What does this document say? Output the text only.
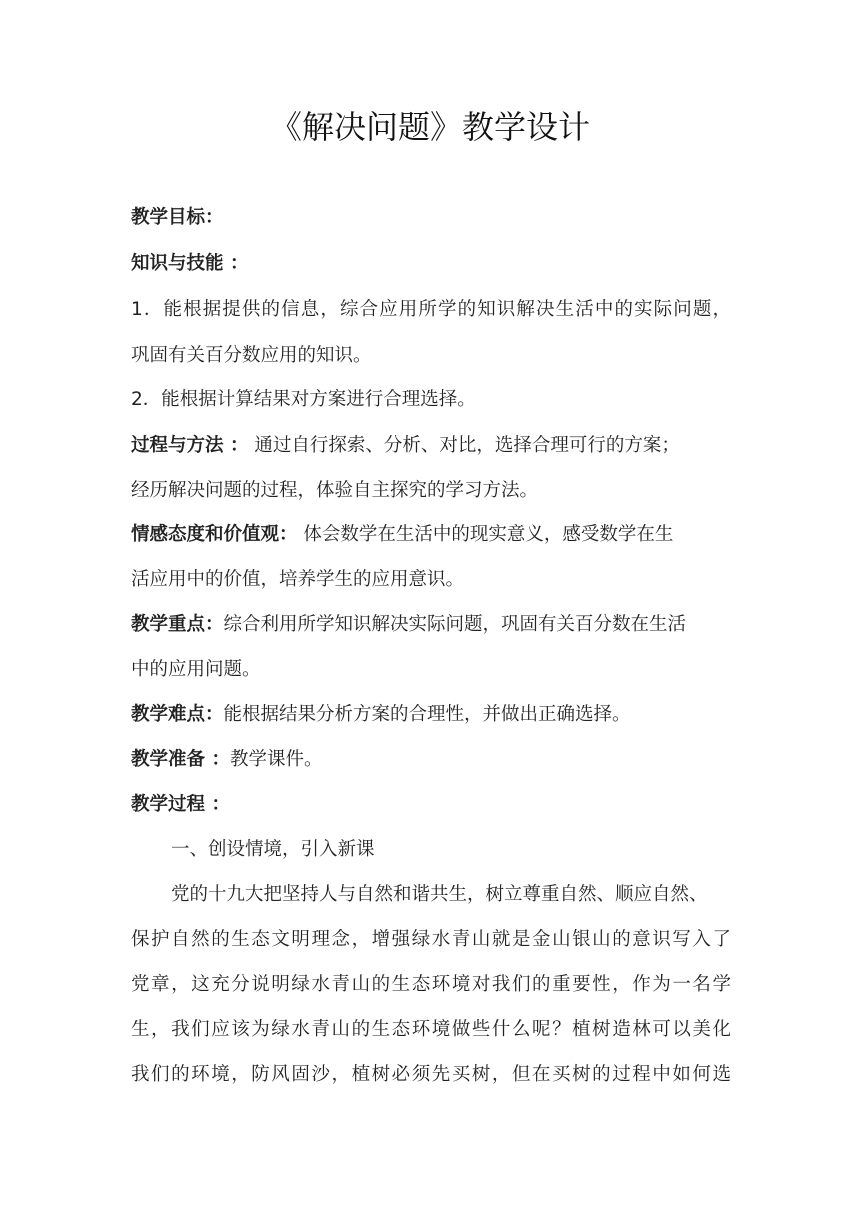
《解决问题》教学设计

教学目标：

知识与技能 ：

1．能根据提供的信息，综合应用所学的知识解决生活中的实际问题，

巩固有关百分数应用的知识。

2．能根据计算结果对方案进行合理选择。

过程与方法 ： 通过自行探索、分析、对比，选择合理可行的方案；

经历解决问题的过程，体验自主探究的学习方法。

情感态度和价值观： 体会数学在生活中的现实意义，感受数学在生

活应用中的价值，培养学生的应用意识。

教学重点：综合利用所学知识解决实际问题，巩固有关百分数在生活

中的应用问题。

教学难点：能根据结果分析方案的合理性，并做出正确选择。

教学准备 ：教学课件。

教学过程 ：

一、创设情境，引入新课

党的十九大把坚持人与自然和谐共生，树立尊重自然、顺应自然、

保护自然的生态文明理念，增强绿水青山就是金山银山的意识写入了

党章，这充分说明绿水青山的生态环境对我们的重要性，作为一名学

生，我们应该为绿水青山的生态环境做些什么呢？植树造林可以美化

我们的环境，防风固沙，植树必须先买树，但在买树的过程中如何选
